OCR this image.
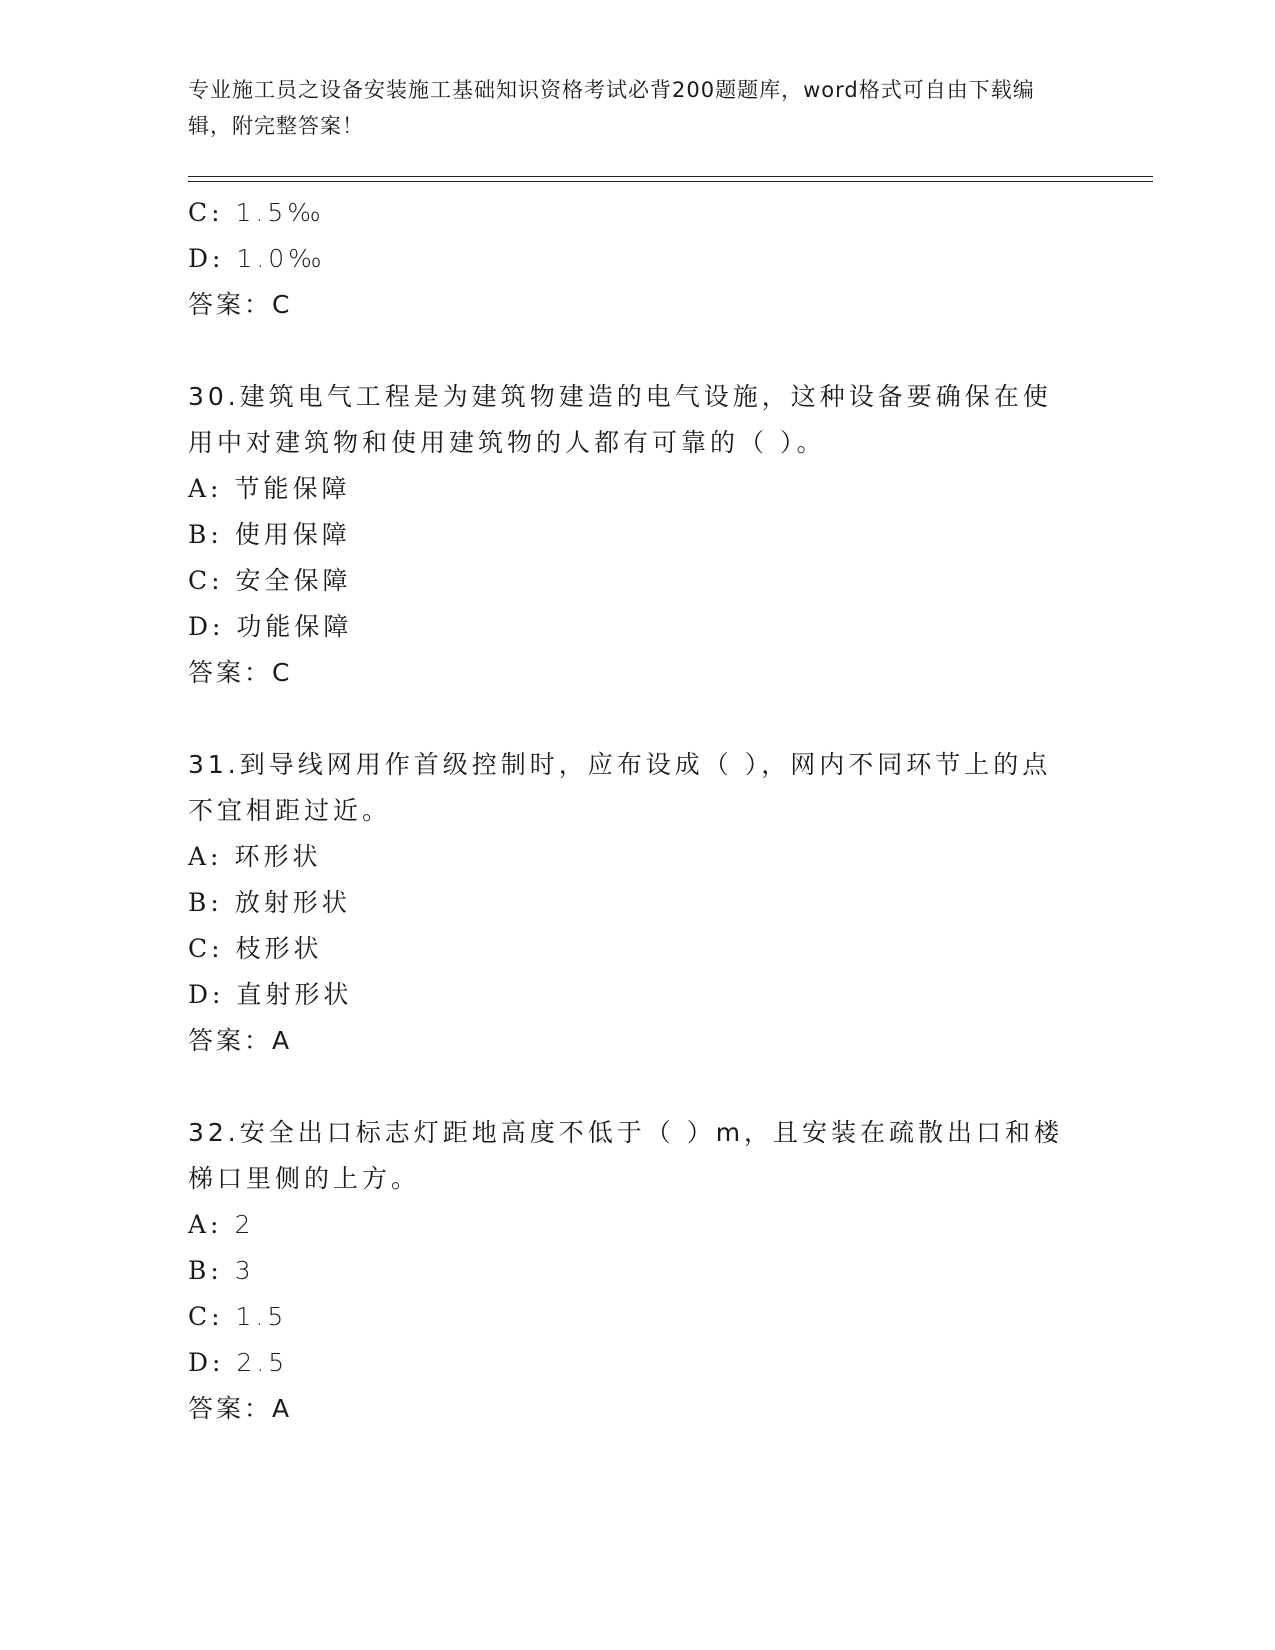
专业施工员之设备安装施工基础知识资格考试必背200题题库，word格式可自由下载编辑，附完整答案！
C: 1.5‰
D: 1.0‰
答案：C
30.建筑电气工程是为建筑物建造的电气设施，这种设备要确保在使用中对建筑物和使用建筑物的人都有可靠的（ ）。
A: 节能保障
B: 使用保障
C: 安全保障
D: 功能保障
答案：C
31.到导线网用作首级控制时，应布设成（ ），网内不同环节上的点不宜相距过近。
A: 环形状
B: 放射形状
C: 枝形状
D: 直射形状
答案：A
32.安全出口标志灯距地高度不低于（ ）m，且安装在疏散出口和楼梯口里侧的上方。
A: 2
B: 3
C: 1.5
D: 2.5
答案：A
